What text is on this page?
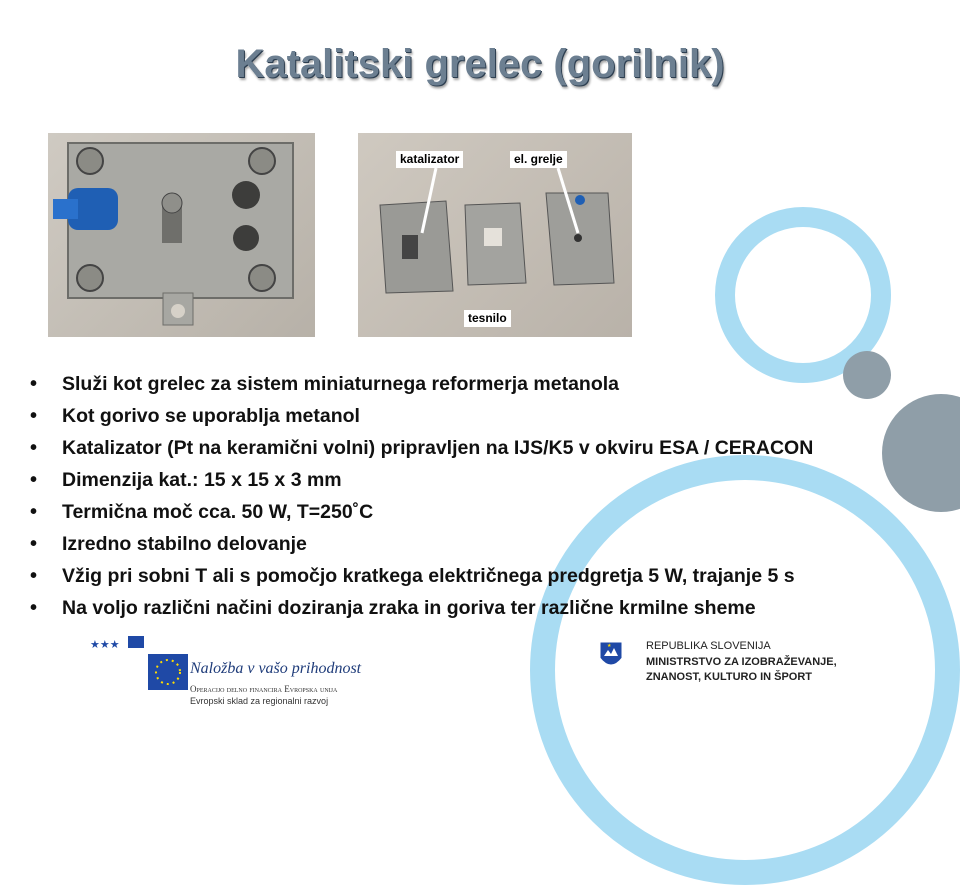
Katalitski grelec (gorilnik)
katalizator	el. grelje
tesnilo
• Služi kot grelec za sistem miniaturnega reformerja metanola
• Kot gorivo se uporablja metanol
• Katalizator (Pt na keramični volni) pripravljen na IJS/K5 v okviru ESA / CERACON
• Dimenzija kat.: 15 x 15 x 3 mm
• Termična moč cca. 50 W, T=250˚C
• Izredno stabilno delovanje
• Vžig pri sobni T ali s pomočjo kratkega električnega predgretja 5 W, trajanje 5 s
• Na voljo različni načini doziranja zraka in goriva ter različne krmilne sheme
★★★
Naložba v vašo prihodnost
Operacijo delno financira Evropska unija
Evropski sklad za regionalni razvoj
★	REPUBLIKA SLOVENIJA
MINISTRSTVO ZA IZOBRAŽEVANJE,
ZNANOST, KULTURO IN ŠPORT
